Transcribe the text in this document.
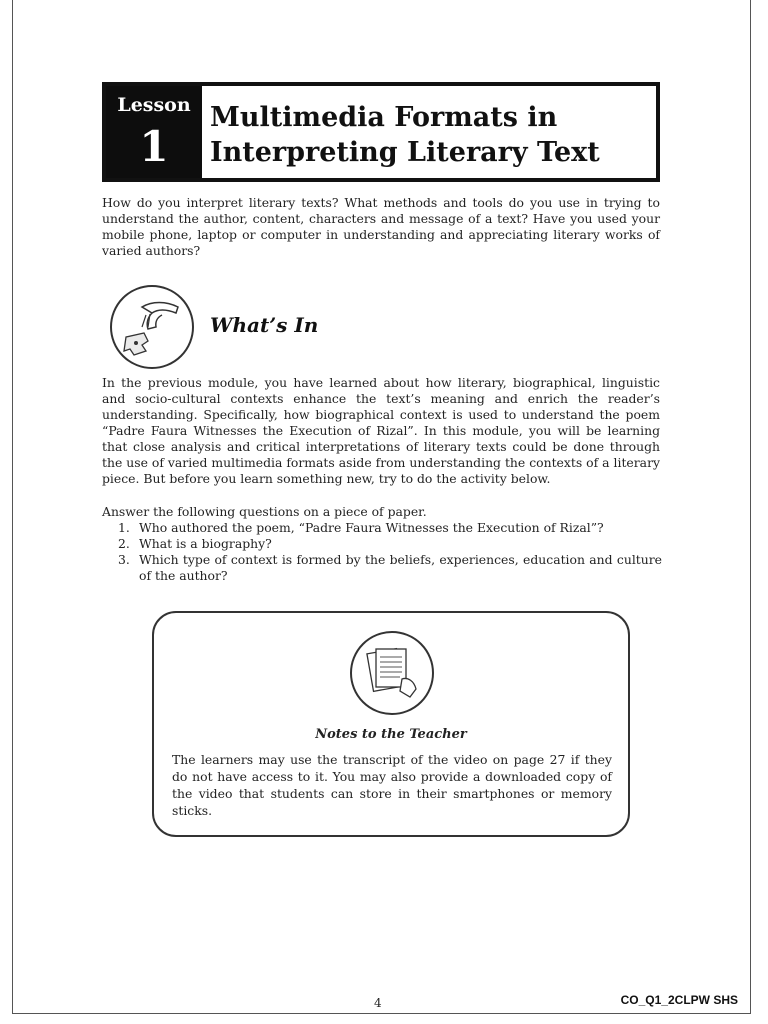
Lesson
1
Multimedia Formats in
Interpreting Literary Text

How do you interpret literary texts? What methods and tools do you use in trying to understand the author, content, characters and message of a text? Have you used your mobile phone, laptop or computer in understanding and appreciating literary works of varied authors?

What’s In

In the previous module, you have learned about how literary, biographical, linguistic and socio-cultural contexts enhance the text’s meaning and enrich the reader’s understanding. Specifically, how biographical context is used to understand the poem “Padre Faura Witnesses the Execution of Rizal”. In this module, you will be learning that close analysis and critical interpretations of literary texts could be done through the use of varied multimedia formats aside from understanding the contexts of a literary piece. But before you learn something new, try to do the activity below.

Answer the following questions on a piece of paper.

1. Who authored the poem, “Padre Faura Witnesses the Execution of Rizal”?
2. What is a biography?
3. Which type of context is formed by the beliefs, experiences, education and culture of the author?
Notes to the Teacher

The learners may use the transcript of the video on page 27 if they do not have access to it. You may also provide a downloaded copy of the video that students can store in their smartphones or memory sticks.

4	CO_Q1_2CLPW SHS
